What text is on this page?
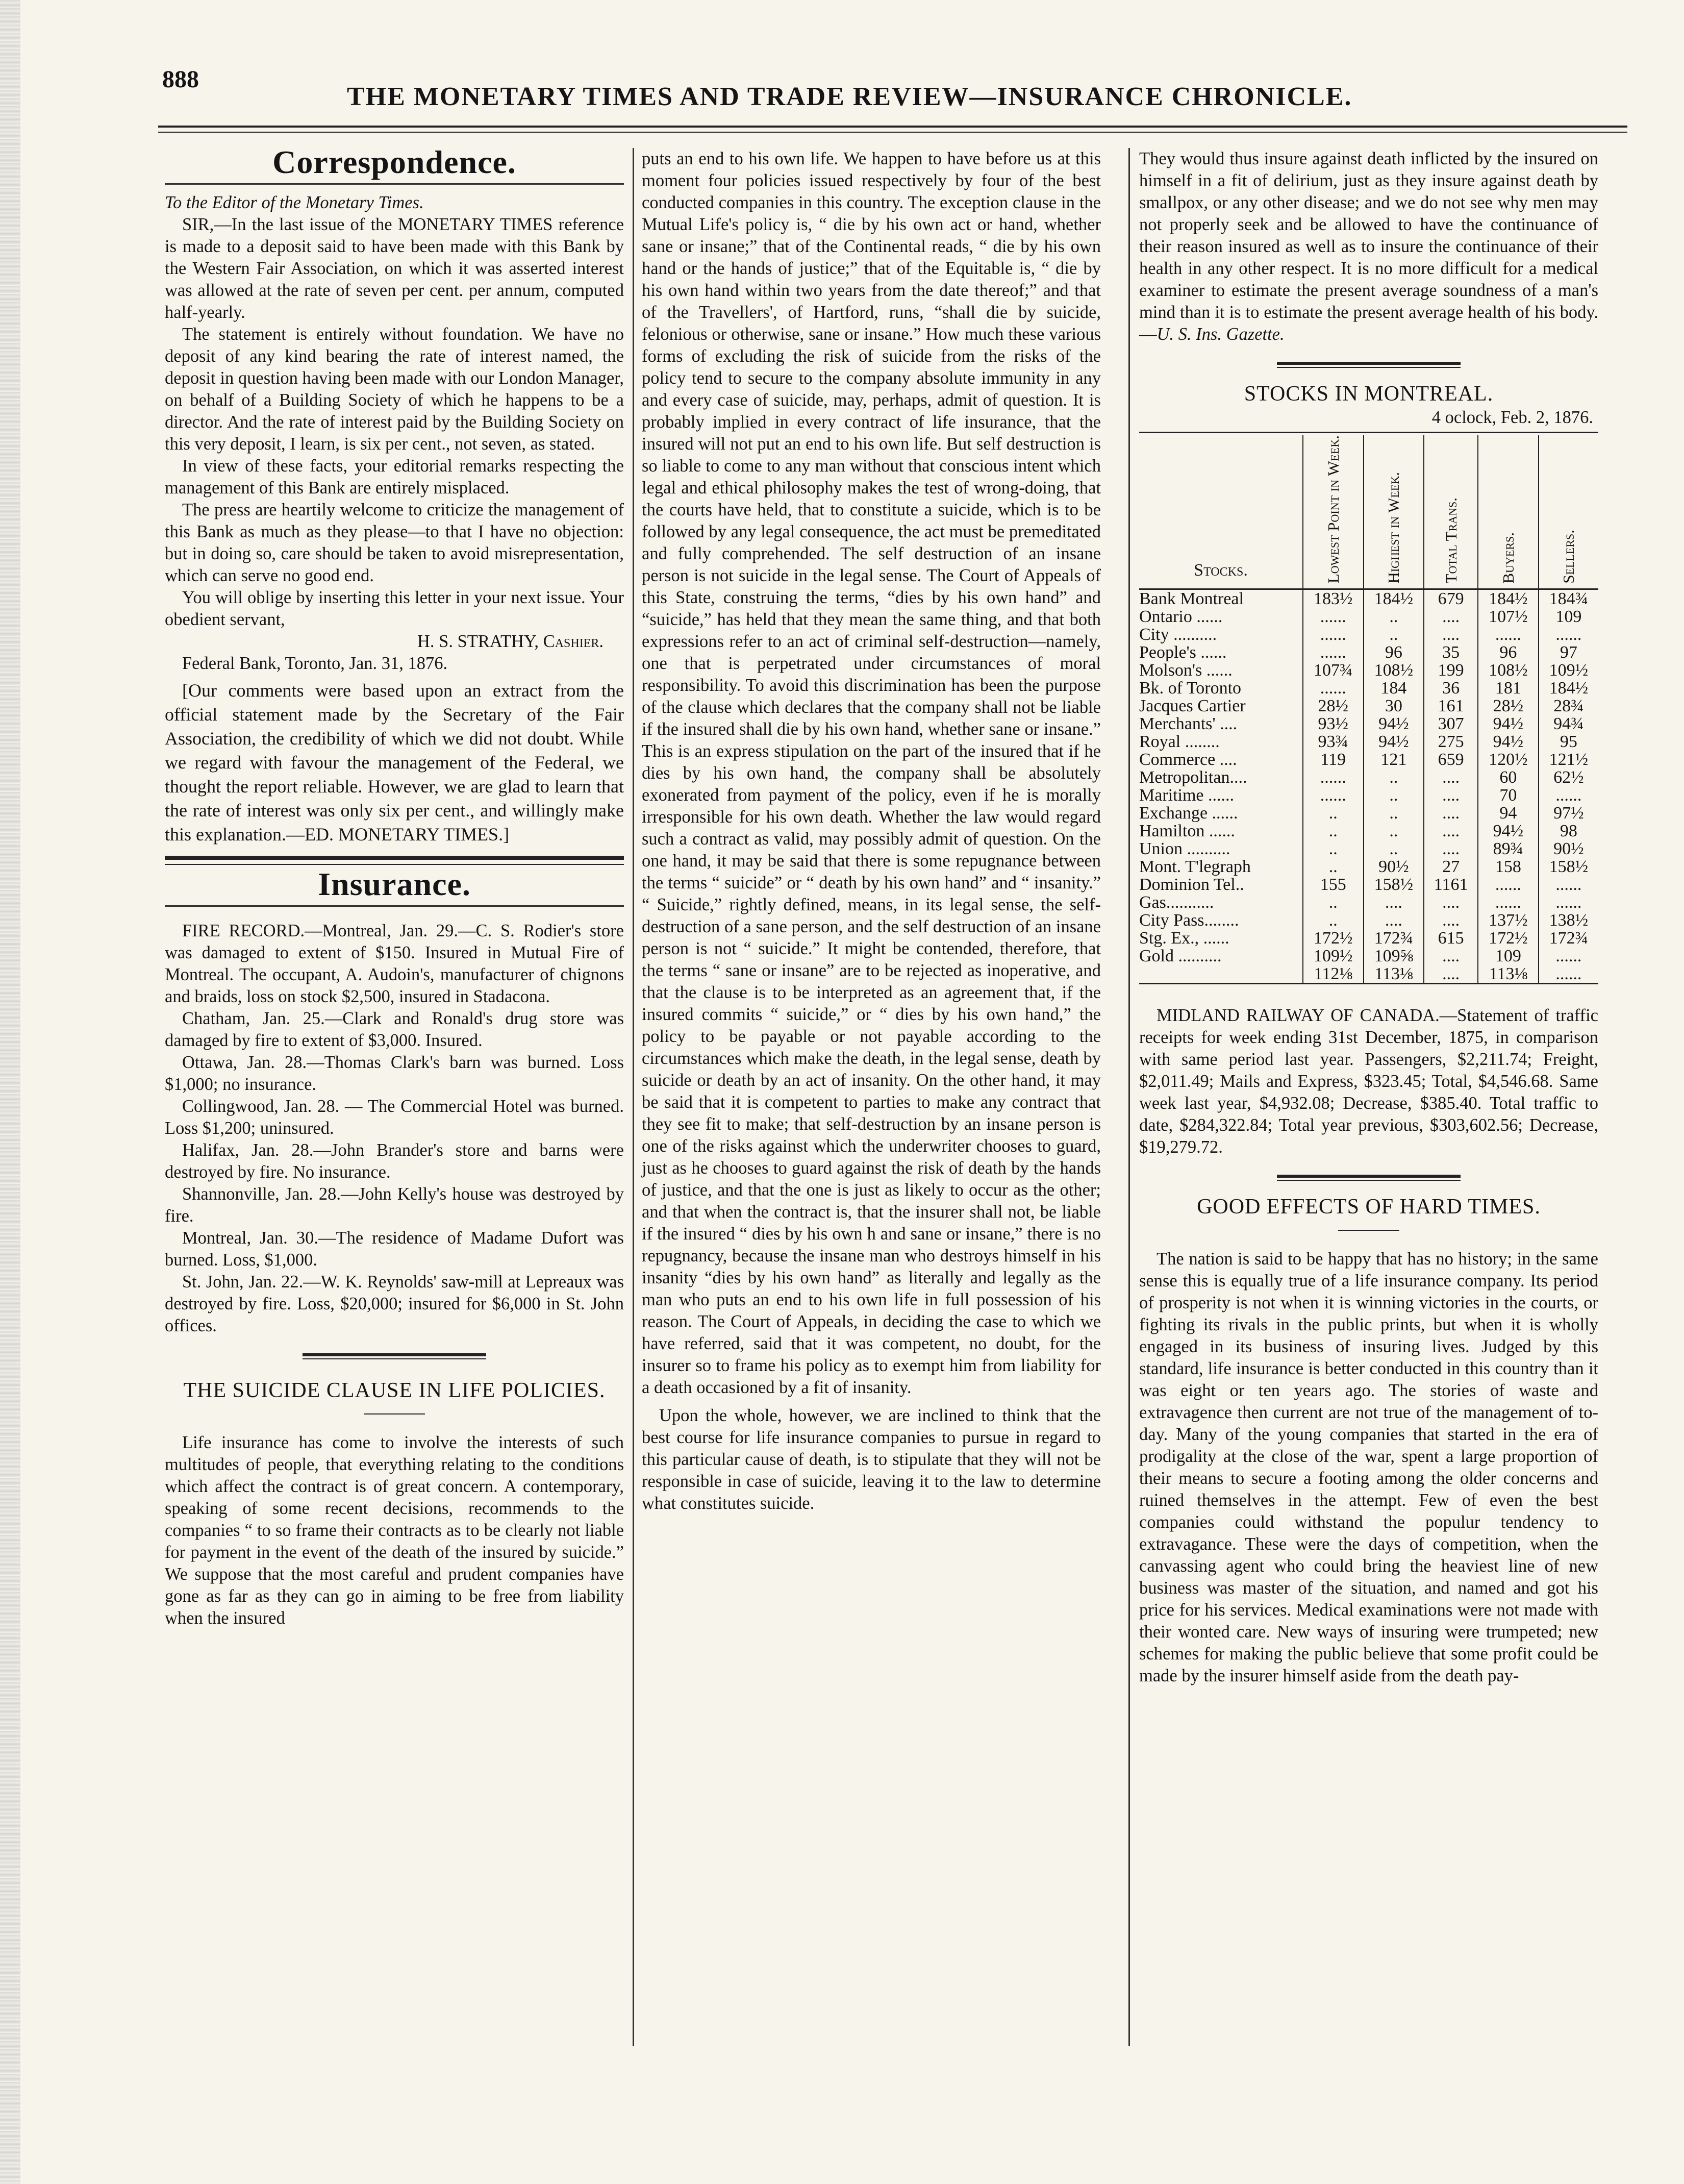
888
THE MONETARY TIMES AND TRADE REVIEW—INSURANCE CHRONICLE.
Correspondence.

To the Editor of the Monetary Times.

SIR,—In the last issue of the MONETARY TIMES reference is made to a deposit said to have been made with this Bank by the Western Fair Association, on which it was asserted interest was allowed at the rate of seven per cent. per annum, computed half-yearly.

The statement is entirely without foundation. We have no deposit of any kind bearing the rate of interest named, the deposit in question having been made with our London Manager, on behalf of a Building Society of which he happens to be a director. And the rate of interest paid by the Building Society on this very deposit, I learn, is six per cent., not seven, as stated.

In view of these facts, your editorial remarks respecting the management of this Bank are entirely misplaced.

The press are heartily welcome to criticize the management of this Bank as much as they please—to that I have no objection: but in doing so, care should be taken to avoid misrepresentation, which can serve no good end.

You will oblige by inserting this letter in your next issue. Your obedient servant,

H. S. STRATHY, Cashier.

Federal Bank, Toronto, Jan. 31, 1876.

[Our comments were based upon an extract from the official statement made by the Secretary of the Fair Association, the credibility of which we did not doubt. While we regard with favour the management of the Federal, we thought the report reliable. However, we are glad to learn that the rate of interest was only six per cent., and willingly make this explanation.—ED. MONETARY TIMES.]

Insurance.

FIRE RECORD.—Montreal, Jan. 29.—C. S. Rodier's store was damaged to extent of $150. Insured in Mutual Fire of Montreal. The occupant, A. Audoin's, manufacturer of chignons and braids, loss on stock $2,500, insured in Stadacona.

Chatham, Jan. 25.—Clark and Ronald's drug store was damaged by fire to extent of $3,000. Insured.

Ottawa, Jan. 28.—Thomas Clark's barn was burned. Loss $1,000; no insurance.

Collingwood, Jan. 28. — The Commercial Hotel was burned. Loss $1,200; uninsured.

Halifax, Jan. 28.—John Brander's store and barns were destroyed by fire. No insurance.

Shannonville, Jan. 28.—John Kelly's house was destroyed by fire.

Montreal, Jan. 30.—The residence of Madame Dufort was burned. Loss, $1,000.

St. John, Jan. 22.—W. K. Reynolds' saw-mill at Lepreaux was destroyed by fire. Loss, $20,000; insured for $6,000 in St. John offices.

THE SUICIDE CLAUSE IN LIFE POLICIES.

Life insurance has come to involve the interests of such multitudes of people, that everything relating to the conditions which affect the contract is of great concern. A contemporary, speaking of some recent decisions, recommends to the companies “ to so frame their contracts as to be clearly not liable for payment in the event of the death of the insured by suicide.” We suppose that the most careful and prudent companies have gone as far as they can go in aiming to be free from liability when the insured

puts an end to his own life. We happen to have before us at this moment four policies issued respectively by four of the best conducted companies in this country. The exception clause in the Mutual Life's policy is, “ die by his own act or hand, whether sane or insane;” that of the Continental reads, “ die by his own hand or the hands of justice;” that of the Equitable is, “ die by his own hand within two years from the date thereof;” and that of the Travellers', of Hartford, runs, “shall die by suicide, felonious or otherwise, sane or insane.” How much these various forms of excluding the risk of suicide from the risks of the policy tend to secure to the company absolute immunity in any and every case of suicide, may, perhaps, admit of question. It is probably implied in every contract of life insurance, that the insured will not put an end to his own life. But self destruction is so liable to come to any man without that conscious intent which legal and ethical philosophy makes the test of wrong-doing, that the courts have held, that to constitute a suicide, which is to be followed by any legal consequence, the act must be premeditated and fully comprehended. The self destruction of an insane person is not suicide in the legal sense. The Court of Appeals of this State, construing the terms, “dies by his own hand” and “suicide,” has held that they mean the same thing, and that both expressions refer to an act of criminal self-destruction—namely, one that is perpetrated under circumstances of moral responsibility. To avoid this discrimination has been the purpose of the clause which declares that the company shall not be liable if the insured shall die by his own hand, whether sane or insane.” This is an express stipulation on the part of the insured that if he dies by his own hand, the company shall be absolutely exonerated from payment of the policy, even if he is morally irresponsible for his own death. Whether the law would regard such a contract as valid, may possibly admit of question. On the one hand, it may be said that there is some repugnance between the terms “ suicide” or “ death by his own hand” and “ insanity.” “ Suicide,” rightly defined, means, in its legal sense, the self-destruction of a sane person, and the self destruction of an insane person is not “ suicide.” It might be contended, therefore, that the terms “ sane or insane” are to be rejected as inoperative, and that the clause is to be interpreted as an agreement that, if the insured commits “ suicide,” or “ dies by his own hand,” the policy to be payable or not payable according to the circumstances which make the death, in the legal sense, death by suicide or death by an act of insanity. On the other hand, it may be said that it is competent to parties to make any contract that they see fit to make; that self-destruction by an insane person is one of the risks against which the underwriter chooses to guard, just as he chooses to guard against the risk of death by the hands of justice, and that the one is just as likely to occur as the other; and that when the contract is, that the insurer shall not, be liable if the insured “ dies by his own h and sane or insane,” there is no repugnancy, because the insane man who destroys himself in his insanity “dies by his own hand” as literally and legally as the man who puts an end to his own life in full possession of his reason. The Court of Appeals, in deciding the case to which we have referred, said that it was competent, no doubt, for the insurer so to frame his policy as to exempt him from liability for a death occasioned by a fit of insanity.

Upon the whole, however, we are inclined to think that the best course for life insurance companies to pursue in regard to this particular cause of death, is to stipulate that they will not be responsible in case of suicide, leaving it to the law to determine what constitutes suicide.

They would thus insure against death inflicted by the insured on himself in a fit of delirium, just as they insure against death by smallpox, or any other disease; and we do not see why men may not properly seek and be allowed to have the continuance of their reason insured as well as to insure the continuance of their health in any other respect. It is no more difficult for a medical examiner to estimate the present average soundness of a man's mind than it is to estimate the present average health of his body.—U. S. Ins. Gazette.

STOCKS IN MONTREAL.
4 oclock, Feb. 2, 1876.
Stocks.	Lowest Point in Week.	Highest in Week.	Total Trans.	Buyers.	Sellers.

Bank Montreal	183½	184½	679	184½	184¾
Ontario ......	......	..	....	107½	109
City ..........	......	..	....	......	......
People's ......	......	96	35	96	97
Molson's ......	107¾	108½	199	108½	109½
Bk. of Toronto	......	184	36	181	184½
Jacques Cartier	28½	30	161	28½	28¾
Merchants' ....	93½	94½	307	94½	94¾
Royal ........	93¾	94½	275	94½	95
Commerce ....	119	121	659	120½	121½
Metropolitan....	......	..	....	60	62½
Maritime ......	......	..	....	70	......
Exchange ......	..	..	....	94	97½
Hamilton ......	..	..	....	94½	98
Union ..........	..	..	....	89¾	90½
Mont. T'legraph	..	90½	27	158	158½
Dominion Tel..	155	158½	1161	......	......
Gas...........	..	....	....	......	......
City Pass........	..	....	....	137½	138½
Stg. Ex., ......	172½	172¾	615	172½	172¾
Gold ..........	109½	109⅝	....	109	......
	112⅛	113⅛	....	113⅛	......

MIDLAND RAILWAY OF CANADA.—Statement of traffic receipts for week ending 31st December, 1875, in comparison with same period last year. Passengers, $2,211.74; Freight, $2,011.49; Mails and Express, $323.45; Total, $4,546.68. Same week last year, $4,932.08; Decrease, $385.40. Total traffic to date, $284,322.84; Total year previous, $303,602.56; Decrease, $19,279.72.

GOOD EFFECTS OF HARD TIMES.

The nation is said to be happy that has no history; in the same sense this is equally true of a life insurance company. Its period of prosperity is not when it is winning victories in the courts, or fighting its rivals in the public prints, but when it is wholly engaged in its business of insuring lives. Judged by this standard, life insurance is better conducted in this country than it was eight or ten years ago. The stories of waste and extravagence then current are not true of the management of to-day. Many of the young companies that started in the era of prodigality at the close of the war, spent a large proportion of their means to secure a footing among the older concerns and ruined themselves in the attempt. Few of even the best companies could withstand the populur tendency to extravagance. These were the days of competition, when the canvassing agent who could bring the heaviest line of new business was master of the situation, and named and got his price for his services. Medical examinations were not made with their wonted care. New ways of insuring were trumpeted; new schemes for making the public believe that some profit could be made by the insurer himself aside from the death pay-
